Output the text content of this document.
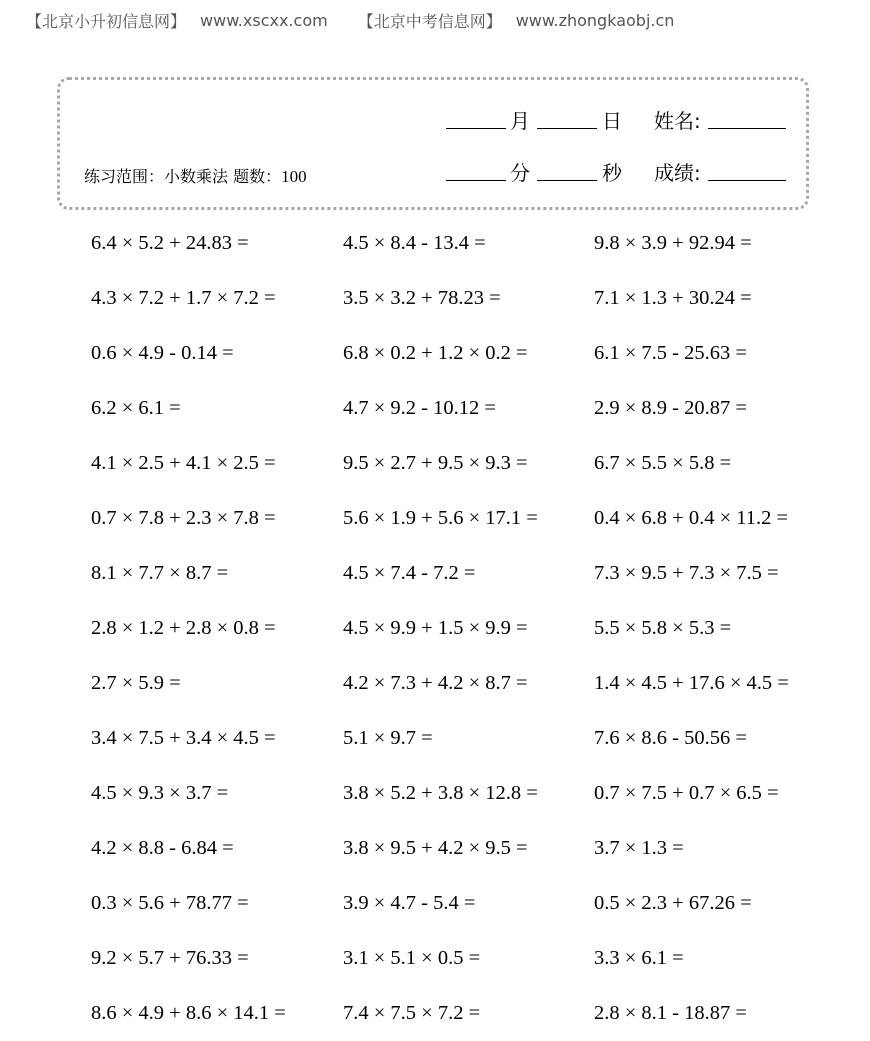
【北京小升初信息网】 www.xscxx.com 【北京中考信息网】 www.zhongkaobj.cn
练习范围：小数乘法 题数：100
月	日 姓名:
分	秒 成绩:
6.4 × 5.2 + 24.83 =	4.5 × 8.4 - 13.4 =	9.8 × 3.9 + 92.94 =
4.3 × 7.2 + 1.7 × 7.2 =	3.5 × 3.2 + 78.23 =	7.1 × 1.3 + 30.24 =
0.6 × 4.9 - 0.14 =	6.8 × 0.2 + 1.2 × 0.2 =	6.1 × 7.5 - 25.63 =
6.2 × 6.1 =	4.7 × 9.2 - 10.12 =	2.9 × 8.9 - 20.87 =
4.1 × 2.5 + 4.1 × 2.5 =	9.5 × 2.7 + 9.5 × 9.3 =	6.7 × 5.5 × 5.8 =
0.7 × 7.8 + 2.3 × 7.8 =	5.6 × 1.9 + 5.6 × 17.1 =	0.4 × 6.8 + 0.4 × 11.2 =
8.1 × 7.7 × 8.7 =	4.5 × 7.4 - 7.2 =	7.3 × 9.5 + 7.3 × 7.5 =
2.8 × 1.2 + 2.8 × 0.8 =	4.5 × 9.9 + 1.5 × 9.9 =	5.5 × 5.8 × 5.3 =
2.7 × 5.9 =	4.2 × 7.3 + 4.2 × 8.7 =	1.4 × 4.5 + 17.6 × 4.5 =
3.4 × 7.5 + 3.4 × 4.5 =	5.1 × 9.7 =	7.6 × 8.6 - 50.56 =
4.5 × 9.3 × 3.7 =	3.8 × 5.2 + 3.8 × 12.8 =	0.7 × 7.5 + 0.7 × 6.5 =
4.2 × 8.8 - 6.84 =	3.8 × 9.5 + 4.2 × 9.5 =	3.7 × 1.3 =
0.3 × 5.6 + 78.77 =	3.9 × 4.7 - 5.4 =	0.5 × 2.3 + 67.26 =
9.2 × 5.7 + 76.33 =	3.1 × 5.1 × 0.5 =	3.3 × 6.1 =
8.6 × 4.9 + 8.6 × 14.1 =	7.4 × 7.5 × 7.2 =	2.8 × 8.1 - 18.87 =
